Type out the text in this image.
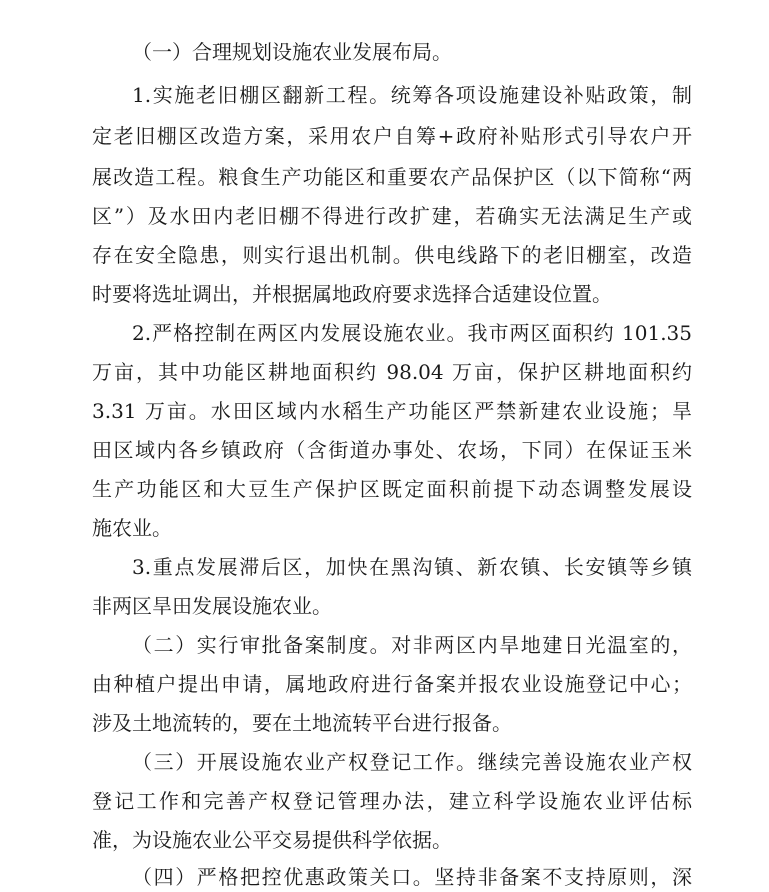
（一）合理规划设施农业发展布局。
1.实施老旧棚区翻新工程。统筹各项设施建设补贴政策，制
定老旧棚区改造方案，采用农户自筹+政府补贴形式引导农户开
展改造工程。粮食生产功能区和重要农产品保护区（以下简称“两
区”）及水田内老旧棚不得进行改扩建，若确实无法满足生产或
存在安全隐患，则实行退出机制。供电线路下的老旧棚室，改造
时要将选址调出，并根据属地政府要求选择合适建设位置。
2.严格控制在两区内发展设施农业。我市两区面积约 101.35
万亩，其中功能区耕地面积约 98.04 万亩，保护区耕地面积约
3.31 万亩。水田区域内水稻生产功能区严禁新建农业设施；旱
田区域内各乡镇政府（含街道办事处、农场，下同）在保证玉米
生产功能区和大豆生产保护区既定面积前提下动态调整发展设
施农业。
3.重点发展滞后区，加快在黑沟镇、新农镇、长安镇等乡镇
非两区旱田发展设施农业。
（二）实行审批备案制度。对非两区内旱地建日光温室的，
由种植户提出申请，属地政府进行备案并报农业设施登记中心；
涉及土地流转的，要在土地流转平台进行报备。
（三）开展设施农业产权登记工作。继续完善设施农业产权
登记工作和完善产权登记管理办法，建立科学设施农业评估标
准，为设施农业公平交易提供科学依据。
（四）严格把控优惠政策关口。坚持非备案不支持原则，深
